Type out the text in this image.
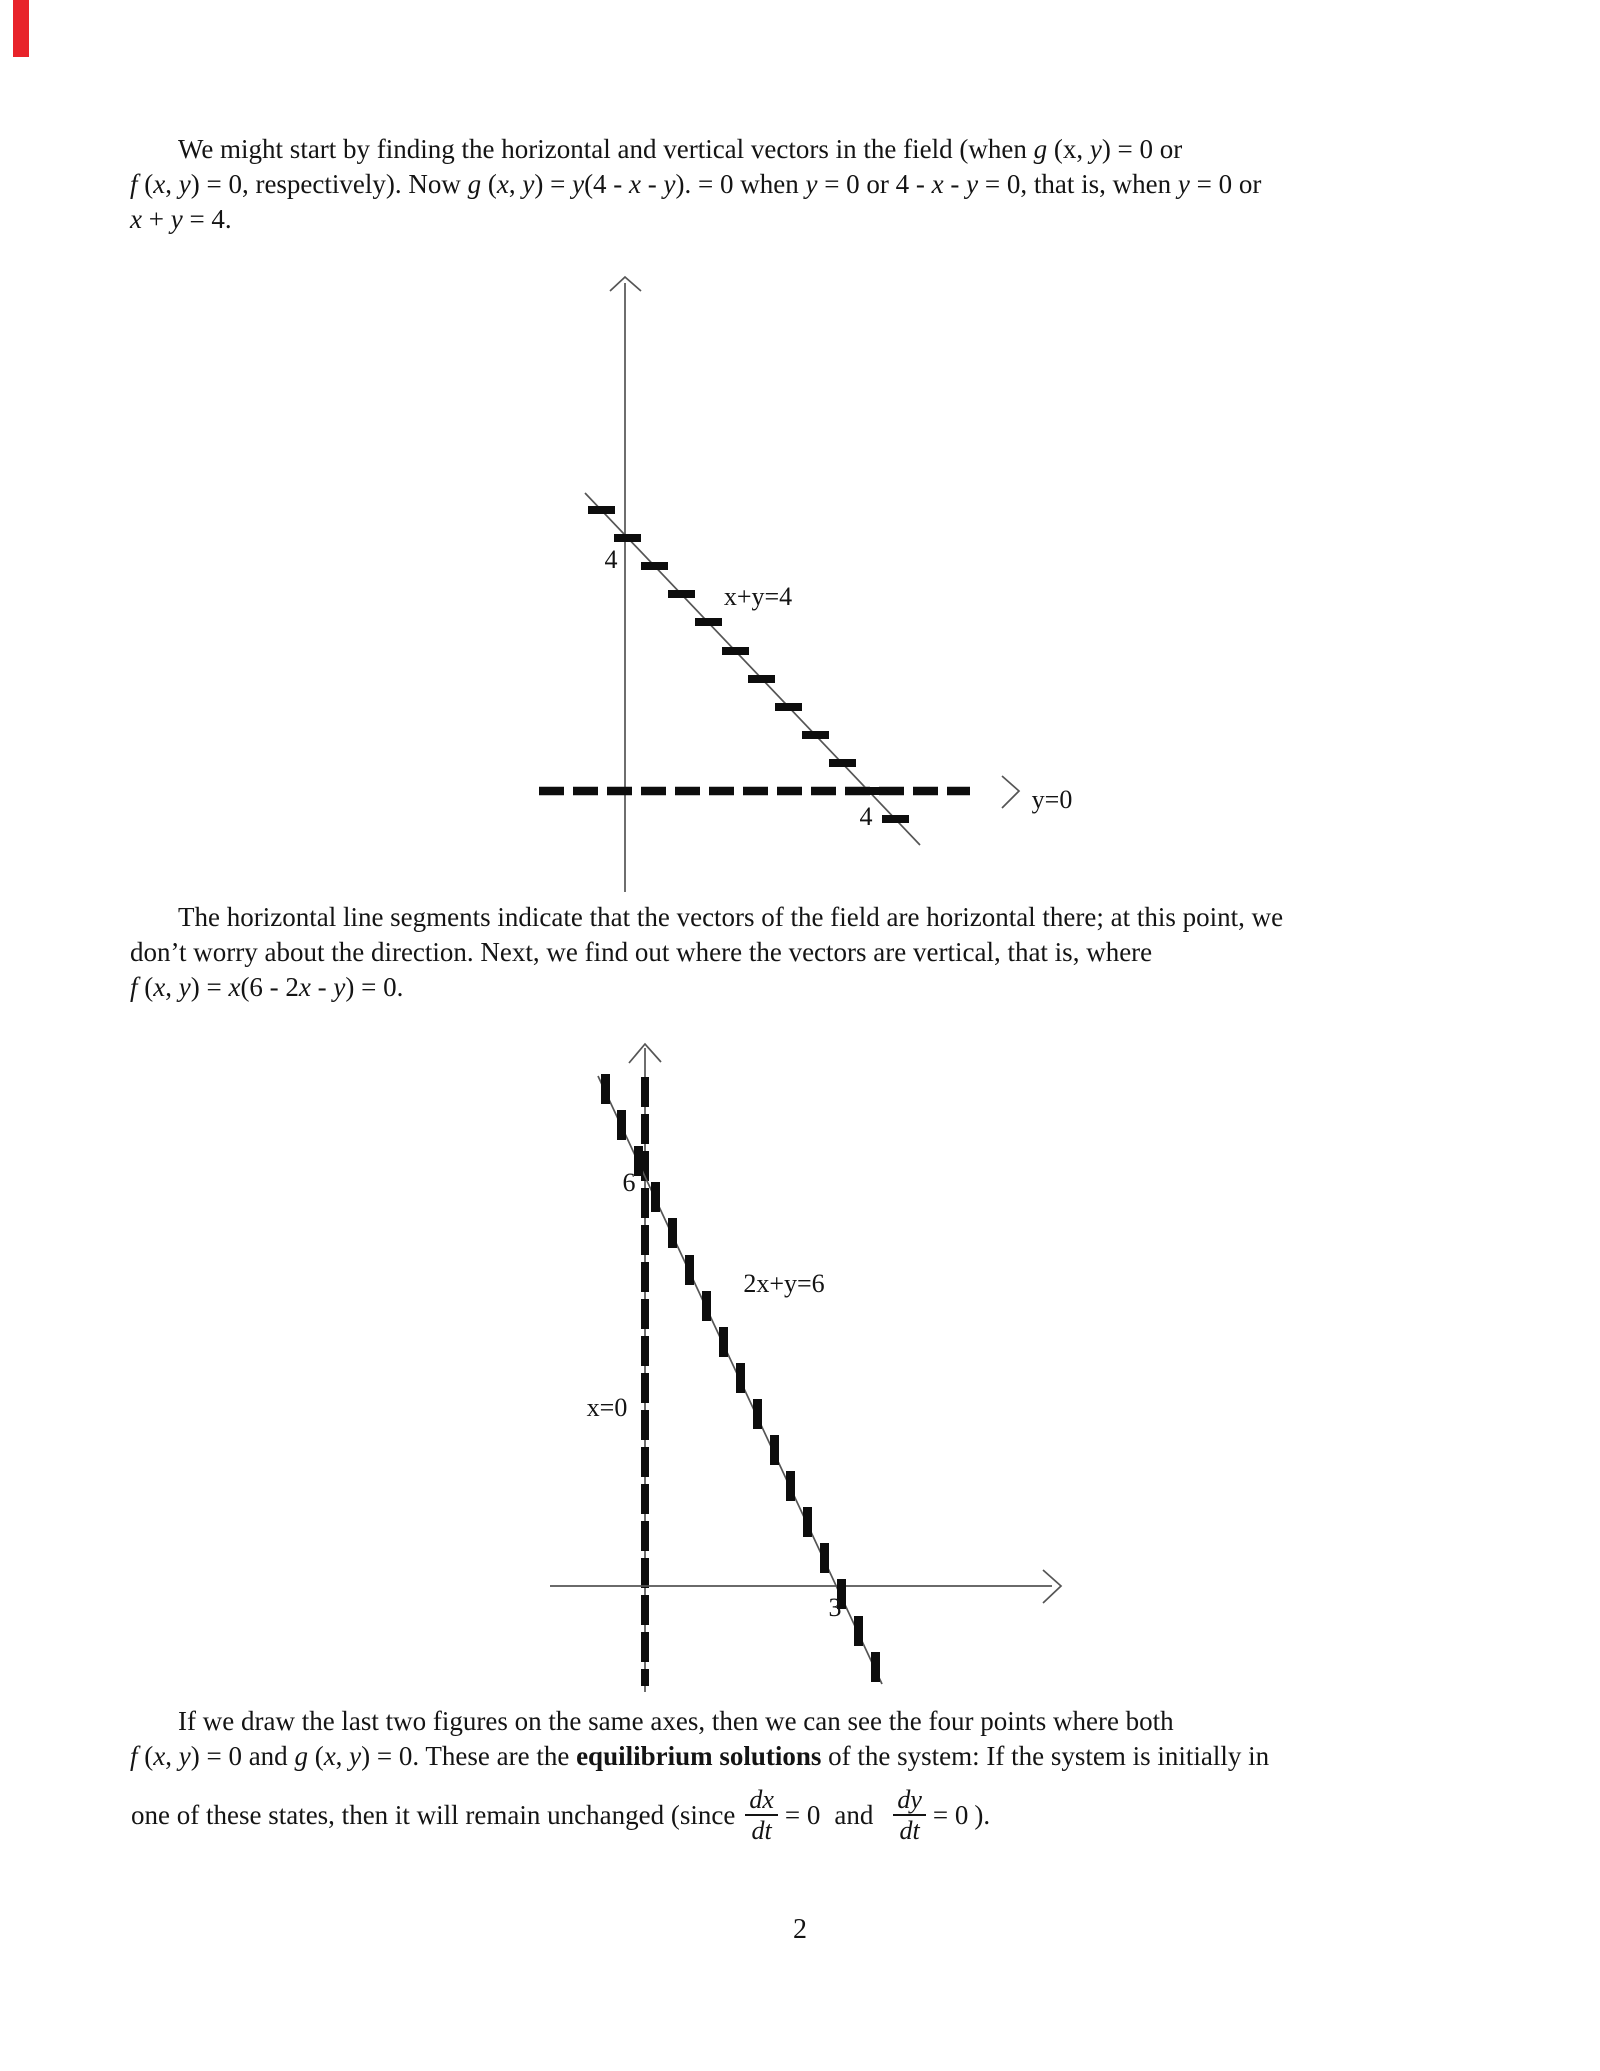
We might start by finding the horizontal and vertical vectors in the field (when g (x, y) = 0 or
f (x, y) = 0, respectively). Now g (x, y) = y(4 - x - y). = 0 when y = 0 or 4 - x - y = 0, that is, when y = 0 or
x + y = 4.
4
x+y=4
y=0
4
The horizontal line segments indicate that the vectors of the field are horizontal there; at this point, we
don’t worry about the direction. Next, we find out where the vectors are vertical, that is, where
f (x, y) = x(6 - 2x - y) = 0.
6
2x+y=6
x=0
3
If we draw the last two figures on the same axes, then we can see the four points where both
f (x, y) = 0 and g (x, y) = 0. These are the equilibrium solutions of the system: If the system is initially in
one of these states, then it will remain unchanged (since $\frac{dx}{dt} = 0$ and $\frac{dy}{dt} = 0$ ).
2
